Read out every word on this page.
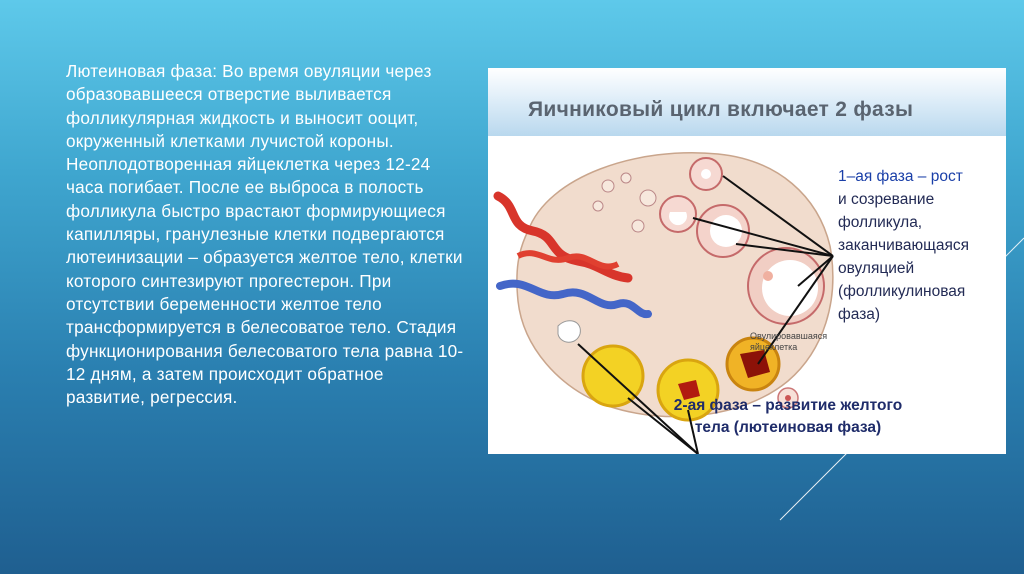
Лютеиновая фаза: Во время овуляции через образовавшееся отверстие выливается фолликулярная жидкость и выносит ооцит, окруженный клетками лучистой короны. Неоплодотворенная яйцеклетка через 12-24 часа погибает. После ее выброса в полость фолликула быстро врастают формирующиеся капилляры, гранулезные клетки подвергаются лютеинизации – образуется желтое тело, клетки которого синтезируют прогестерон. При отсутствии беременности желтое тело трансформируется в белесоватое тело. Стадия функционирования белесоватого тела равна 10-12 дням, а затем происходит обратное развитие, регрессия.
Яичниковый цикл включает 2 фазы
1–ая фаза – рост
и созревание
фолликула,
заканчивающаяся
овуляцией
(фолликулиновая
фаза)
Овулировавшаяся
яйцеклетка
2-ая фаза – развитие желтого
тела (лютеиновая фаза)
